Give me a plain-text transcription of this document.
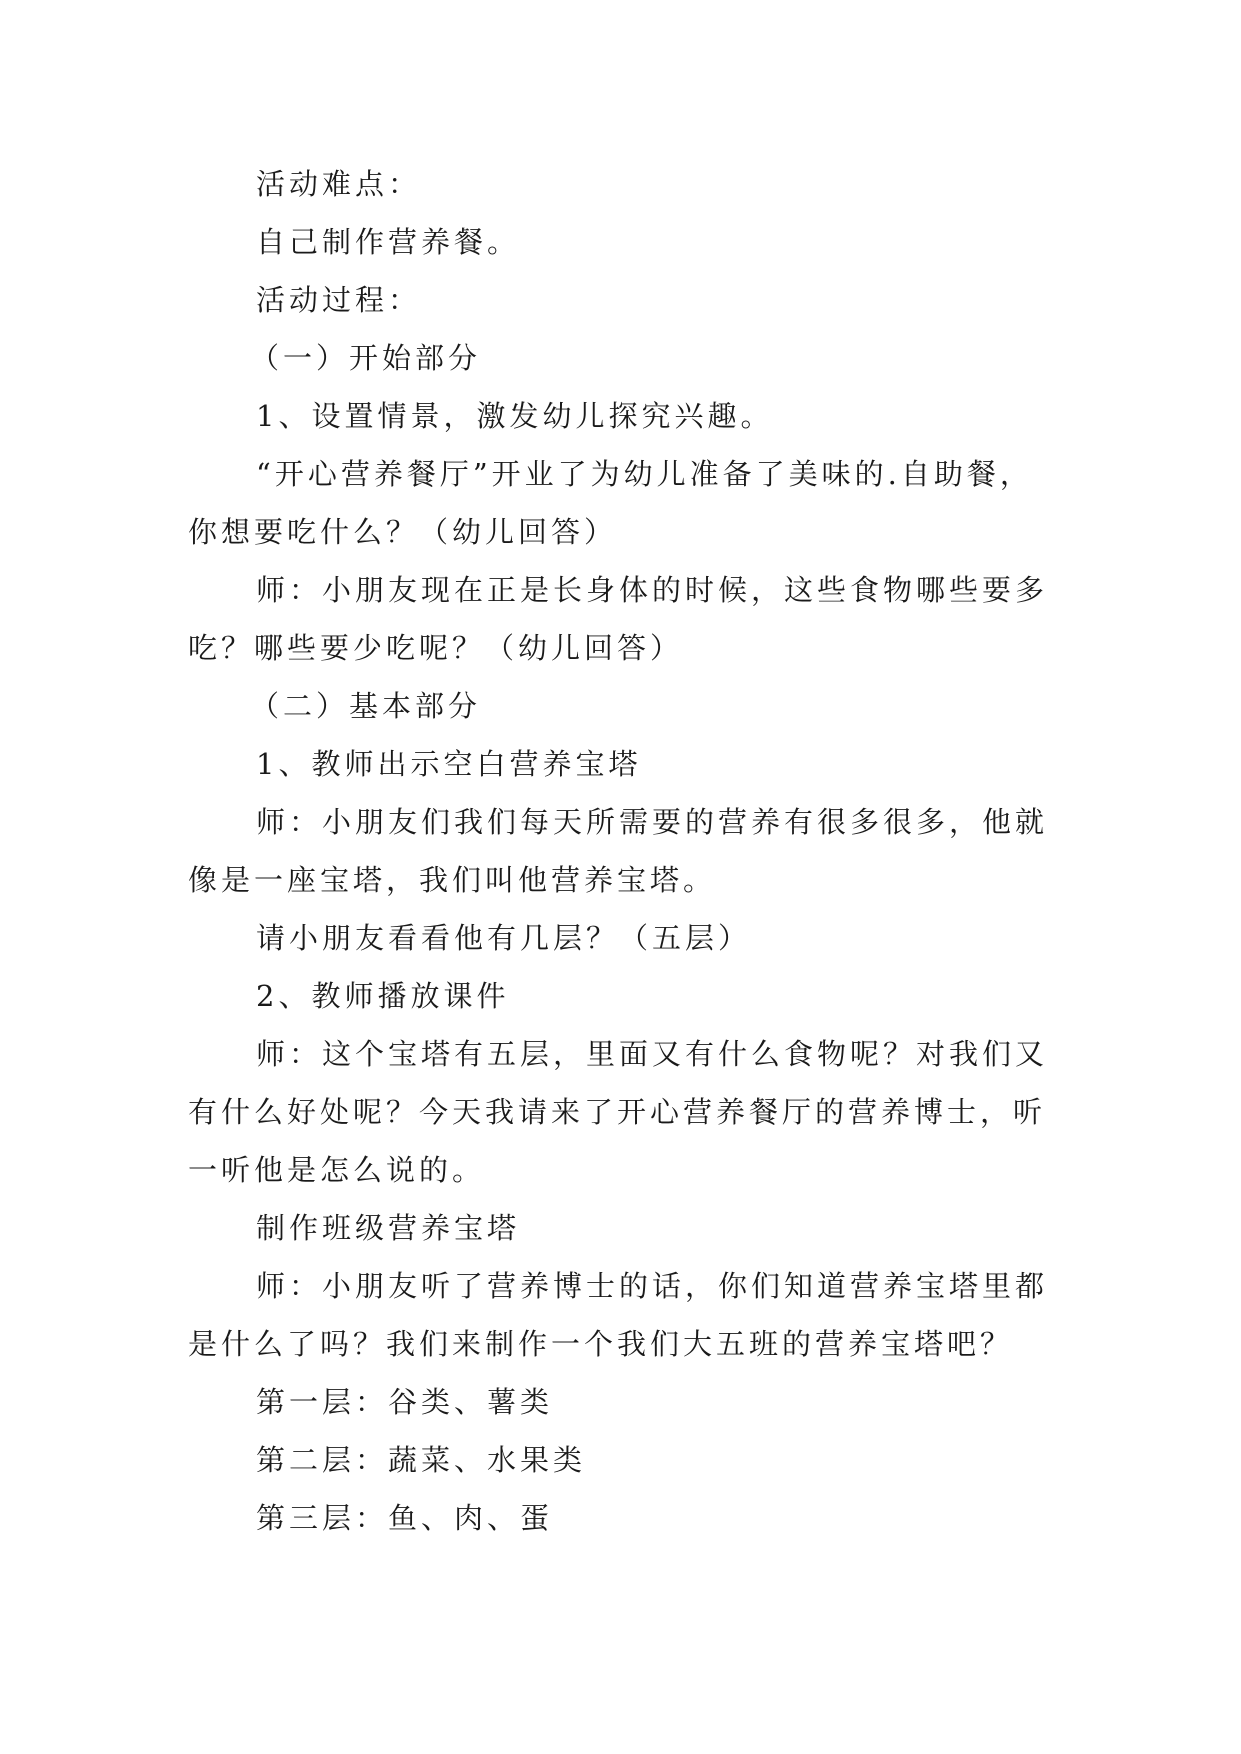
活动难点：

自己制作营养餐。

活动过程：

（一）开始部分

1、设置情景，激发幼儿探究兴趣。

“开心营养餐厅”开业了为幼儿准备了美味的.自助餐，你想要吃什么？（幼儿回答）

师：小朋友现在正是长身体的时候，这些食物哪些要多吃？哪些要少吃呢？（幼儿回答）

（二）基本部分

1、教师出示空白营养宝塔

师：小朋友们我们每天所需要的营养有很多很多，他就像是一座宝塔，我们叫他营养宝塔。

请小朋友看看他有几层？（五层）

2、教师播放课件

师：这个宝塔有五层，里面又有什么食物呢？对我们又有什么好处呢？今天我请来了开心营养餐厅的营养博士，听一听他是怎么说的。

制作班级营养宝塔

师：小朋友听了营养博士的话，你们知道营养宝塔里都是什么了吗？我们来制作一个我们大五班的营养宝塔吧？

第一层：谷类、薯类

第二层：蔬菜、水果类

第三层：鱼、肉、蛋
